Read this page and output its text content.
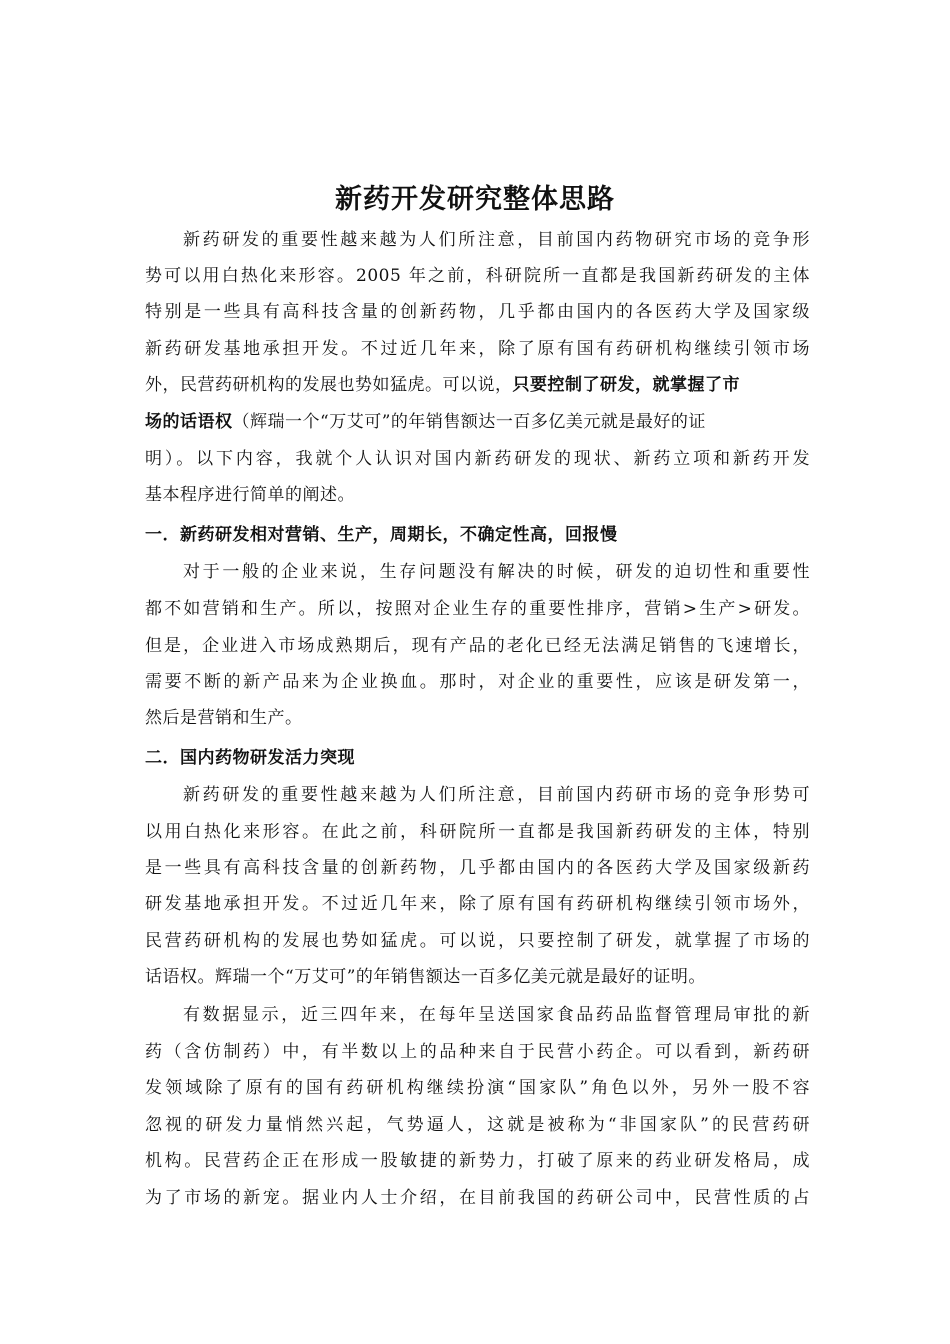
新药开发研究整体思路
新药研发的重要性越来越为人们所注意，目前国内药物研究市场的竞争形
势可以用白热化来形容。2005 年之前，科研院所一直都是我国新药研发的主体
特别是一些具有高科技含量的创新药物，几乎都由国内的各医药大学及国家级
新药研发基地承担开发。不过近几年来，除了原有国有药研机构继续引领市场
外，民营药研机构的发展也势如猛虎。可以说，只要控制了研发，就掌握了市
场的话语权（辉瑞一个“万艾可”的年销售额达一百多亿美元就是最好的证
明）。以下内容，我就个人认识对国内新药研发的现状、新药立项和新药开发
基本程序进行简单的阐述。
一．新药研发相对营销、生产，周期长，不确定性高，回报慢
对于一般的企业来说，生存问题没有解决的时候，研发的迫切性和重要性
都不如营销和生产。所以，按照对企业生存的重要性排序，营销>生产>研发。
但是，企业进入市场成熟期后，现有产品的老化已经无法满足销售的飞速增长，
需要不断的新产品来为企业换血。那时，对企业的重要性，应该是研发第一，
然后是营销和生产。
二．国内药物研发活力突现
新药研发的重要性越来越为人们所注意，目前国内药研市场的竞争形势可
以用白热化来形容。在此之前，科研院所一直都是我国新药研发的主体，特别
是一些具有高科技含量的创新药物，几乎都由国内的各医药大学及国家级新药
研发基地承担开发。不过近几年来，除了原有国有药研机构继续引领市场外，
民营药研机构的发展也势如猛虎。可以说，只要控制了研发，就掌握了市场的
话语权。辉瑞一个“万艾可”的年销售额达一百多亿美元就是最好的证明。
有数据显示，近三四年来，在每年呈送国家食品药品监督管理局审批的新
药（含仿制药）中，有半数以上的品种来自于民营小药企。可以看到，新药研
发领域除了原有的国有药研机构继续扮演“国家队”角色以外，另外一股不容
忽视的研发力量悄然兴起，气势逼人，这就是被称为“非国家队”的民营药研
机构。民营药企正在形成一股敏捷的新势力，打破了原来的药业研发格局，成
为了市场的新宠。据业内人士介绍，在目前我国的药研公司中，民营性质的占
